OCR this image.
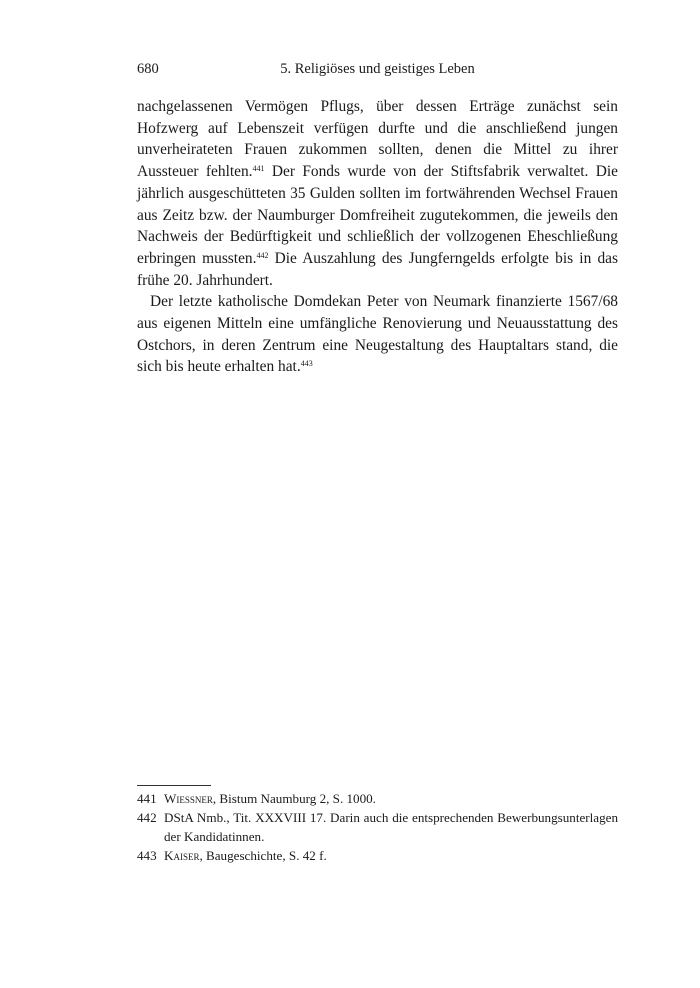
680	5. Religiöses und geistiges Leben

nachgelassenen Vermögen Pflugs, über dessen Erträge zunächst sein Hofzwerg auf Lebenszeit verfügen durfte und die anschließend jungen unverheirateten Frauen zukommen sollten, denen die Mittel zu ihrer Aussteuer fehlten.$^{441}$ Der Fonds wurde von der Stiftsfabrik verwaltet. Die jährlich ausgeschütteten 35 Gulden sollten im fortwährenden Wechsel Frauen aus Zeitz bzw. der Naumburger Domfreiheit zugutekommen, die jeweils den Nachweis der Bedürftigkeit und schließlich der vollzogenen Eheschließung erbringen mussten.$^{442}$ Die Auszahlung des Jungferngelds erfolgte bis in das frühe 20. Jahrhundert.

Der letzte katholische Domdekan Peter von Neumark finanzierte 1567/68 aus eigenen Mitteln eine umfängliche Renovierung und Neuausstattung des Ostchors, in deren Zentrum eine Neugestaltung des Hauptaltars stand, die sich bis heute erhalten hat.$^{443}$

441 Wiessner, Bistum Naumburg 2, S. 1000.
442 DStA Nmb., Tit. XXXVIII 17. Darin auch die entsprechenden Bewerbungsunterlagen der Kandidatinnen.
443 Kaiser, Baugeschichte, S. 42 f.
